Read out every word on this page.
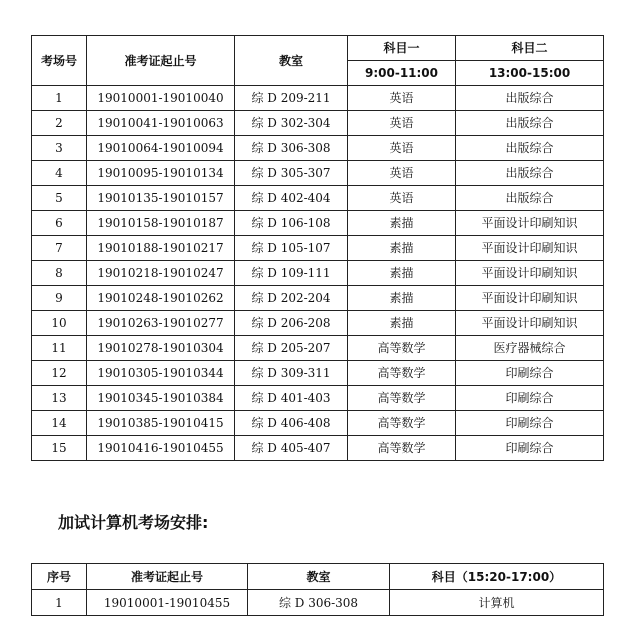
考场号	准考证起止号	教室	科目一	科目二
			9:00-11:00	13:00-15:00
1	19010001-19010040	综 D 209-211	英语	出版综合
2	19010041-19010063	综 D 302-304	英语	出版综合
3	19010064-19010094	综 D 306-308	英语	出版综合
4	19010095-19010134	综 D 305-307	英语	出版综合
5	19010135-19010157	综 D 402-404	英语	出版综合
6	19010158-19010187	综 D 106-108	素描	平面设计印刷知识
7	19010188-19010217	综 D 105-107	素描	平面设计印刷知识
8	19010218-19010247	综 D 109-111	素描	平面设计印刷知识
9	19010248-19010262	综 D 202-204	素描	平面设计印刷知识
10	19010263-19010277	综 D 206-208	素描	平面设计印刷知识
11	19010278-19010304	综 D 205-207	高等数学	医疗器械综合
12	19010305-19010344	综 D 309-311	高等数学	印刷综合
13	19010345-19010384	综 D 401-403	高等数学	印刷综合
14	19010385-19010415	综 D 406-408	高等数学	印刷综合
15	19010416-19010455	综 D 405-407	高等数学	印刷综合
加试计算机考场安排:
序号	准考证起止号	教室	科目（15:20-17:00）
1	19010001-19010455	综 D 306-308	计算机
